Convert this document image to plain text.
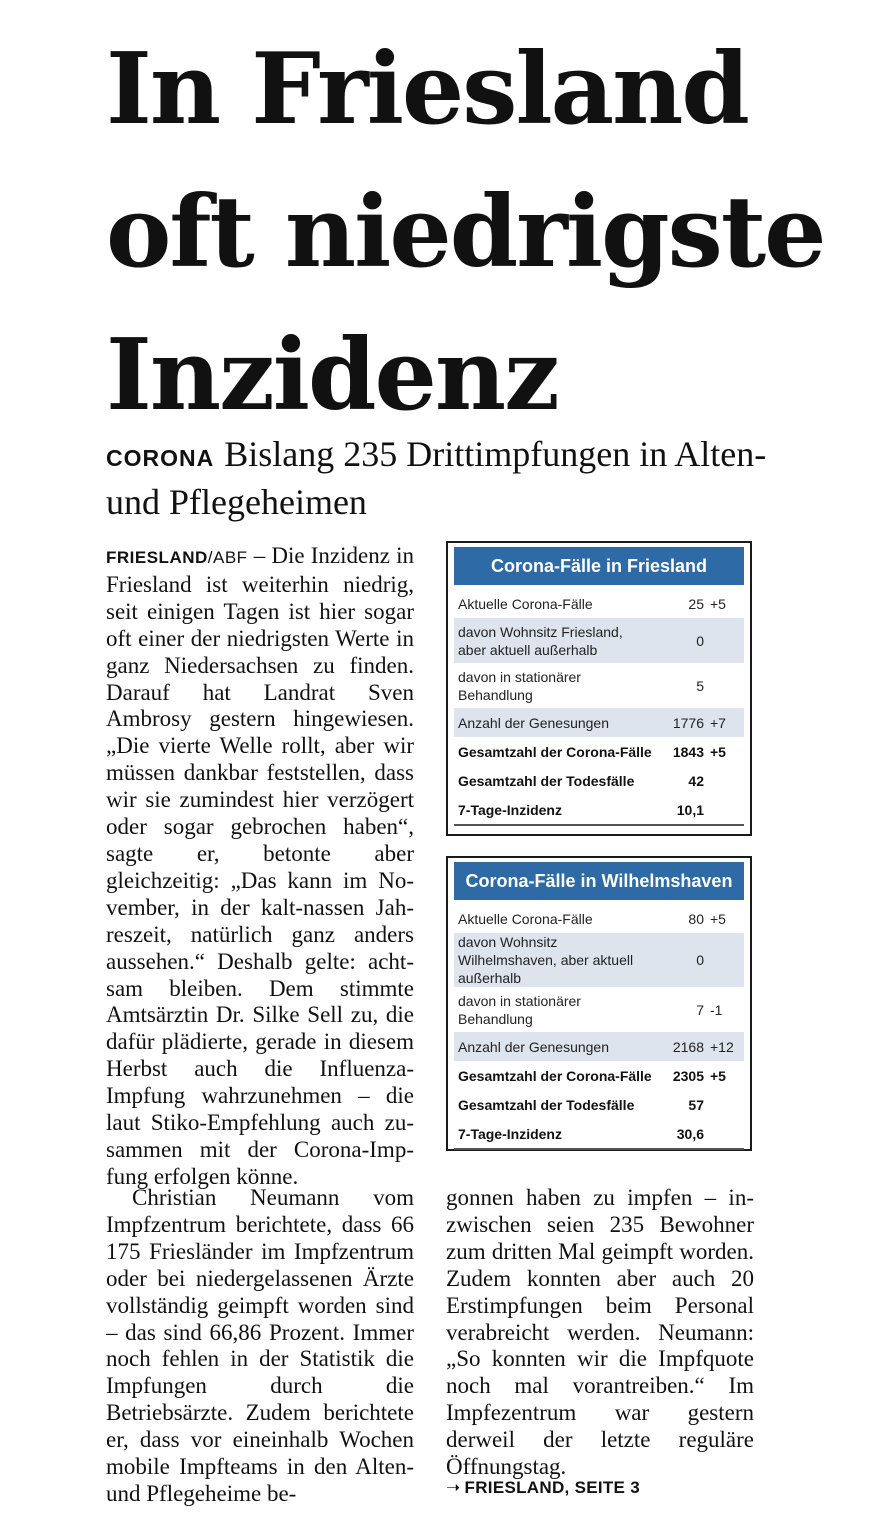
In Friesland
oft niedrigste
Inzidenz

CORONA Bislang 235 Drittimpfungen in Alten- und Pflegeheimen

FRIESLAND/ABF – Die Inzidenz in Friesland ist weiterhin niedrig, seit einigen Tagen ist hier sogar oft einer der niedrigsten Werte in ganz Niedersachsen zu finden. Darauf hat Landrat Sven Ambrosy gestern hingewiesen. „Die vierte Welle rollt, aber wir müssen dankbar feststellen, dass wir sie zumindest hier verzögert oder sogar gebrochen haben“, sagte er, betonte aber gleichzeitig: „Das kann im November, in der kalt-nassen Jahreszeit, natürlich ganz anders aussehen.“ Deshalb gelte: achtsam bleiben. Dem stimmte Amtsärztin Dr. Silke Sell zu, die dafür plädierte, gerade in diesem Herbst auch die Influenza-Impfung wahrzunehmen – die laut Stiko-Empfehlung auch zusammen mit der Corona-Impfung erfolgen könne.

Christian Neumann vom Impfzentrum berichtete, dass 66 175 Friesländer im Impfzentrum oder bei niedergelassenen Ärzte vollständig geimpft worden sind – das sind 66,86 Prozent. Immer noch fehlen in der Statistik die Impfungen durch die Betriebsärzte. Zudem berichtete er, dass vor eineinhalb Wochen mobile Impfteams in den Alten- und Pflegeheime be-

gonnen haben zu impfen – inzwischen seien 235 Bewohner zum dritten Mal geimpft worden. Zudem konnten aber auch 20 Erstimpfungen beim Personal verabreicht werden. Neumann: „So konnten wir die Impfquote noch mal vorantreiben.“ Im Impfezentrum war gestern derweil der letzte reguläre Öffnungstag.

➝ FRIESLAND, SEITE 3
Corona-Fälle in Friesland
Aktuelle Corona-Fälle	25	+5
davon Wohnsitz Friesland, aber aktuell außerhalb	0	
davon in stationärer Behandlung	5	
Anzahl der Genesungen	1776	+7
Gesamtzahl der Corona-Fälle	1843	+5
Gesamtzahl der Todesfälle	42	
7-Tage-Inzidenz	10,1	
Corona-Fälle in Wilhelmshaven
Aktuelle Corona-Fälle	80	+5
davon Wohnsitz Wilhelmshaven, aber aktuell außerhalb	0	
davon in stationärer Behandlung	7	-1
Anzahl der Genesungen	2168	+12
Gesamtzahl der Corona-Fälle	2305	+5
Gesamtzahl der Todesfälle	57	
7-Tage-Inzidenz	30,6	
